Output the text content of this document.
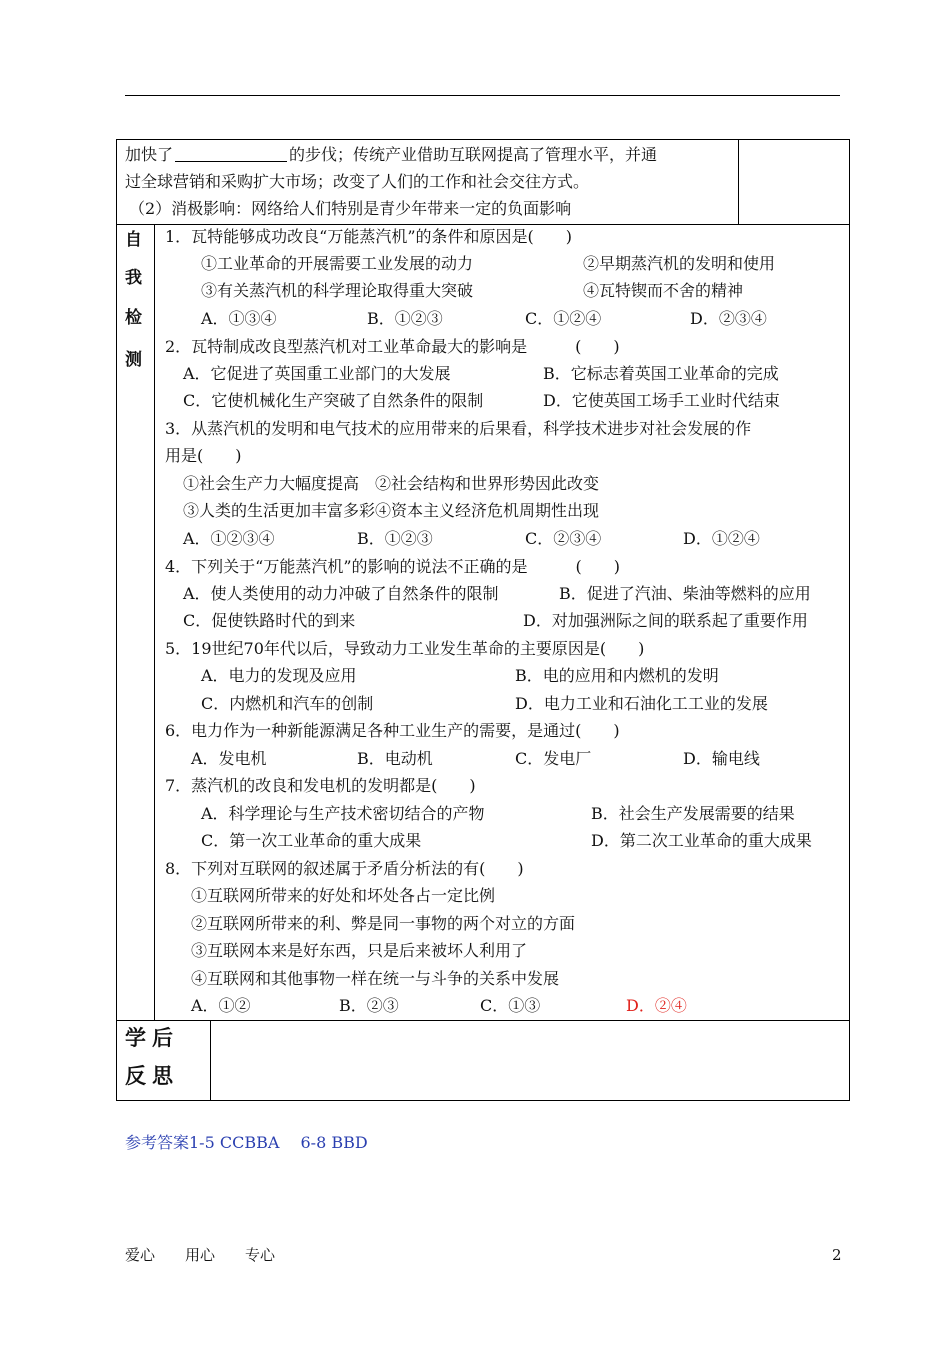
加快了	的步伐；传统产业借助互联网提高了管理水平，并通
过全球营销和采购扩大市场；改变了人们的工作和社会交往方式。
（2）消极影响：网络给人们特别是青少年带来一定的负面影响
自
我
检
测
1．瓦特能够成功改良“万能蒸汽机”的条件和原因是(　　)
①工业革命的开展需要工业发展的动力	②早期蒸汽机的发明和使用
③有关蒸汽机的科学理论取得重大突破	④瓦特锲而不舍的精神
A．①③④	B．①②③	C．①②④	D．②③④
2．瓦特制成改良型蒸汽机对工业革命最大的影响是　　　(　　)
A．它促进了英国重工业部门的大发展	B．它标志着英国工业革命的完成
C．它使机械化生产突破了自然条件的限制	D．它使英国工场手工业时代结束
3．从蒸汽机的发明和电气技术的应用带来的后果看，科学技术进步对社会发展的作
用是(　　)
①社会生产力大幅度提高　②社会结构和世界形势因此改变
③人类的生活更加丰富多彩④资本主义经济危机周期性出现
A．①②③④	B．①②③	C．②③④	D．①②④
4．下列关于“万能蒸汽机”的影响的说法不正确的是　　　(　　)
A．使人类使用的动力冲破了自然条件的限制	B．促进了汽油、柴油等燃料的应用
C．促使铁路时代的到来	D．对加强洲际之间的联系起了重要作用
5．19世纪70年代以后，导致动力工业发生革命的主要原因是(　　)
A．电力的发现及应用	B．电的应用和内燃机的发明
C．内燃机和汽车的创制	D．电力工业和石油化工工业的发展
6．电力作为一种新能源满足各种工业生产的需要，是通过(　　)
A．发电机	B．电动机	C．发电厂	D．输电线
7．蒸汽机的改良和发电机的发明都是(　　)
A．科学理论与生产技术密切结合的产物	B．社会生产发展需要的结果
C．第一次工业革命的重大成果	D．第二次工业革命的重大成果
8．下列对互联网的叙述属于矛盾分析法的有(　　)
①互联网所带来的好处和坏处各占一定比例
②互联网所带来的利、弊是同一事物的两个对立的方面
③互联网本来是好东西，只是后来被坏人利用了
④互联网和其他事物一样在统一与斗争的关系中发展
A．①②	B．②③	C．①③	D．②④
学后
反思
参考答案1-5 CCBBA　 6-8 BBD
爱心　　用心　　专心	2
